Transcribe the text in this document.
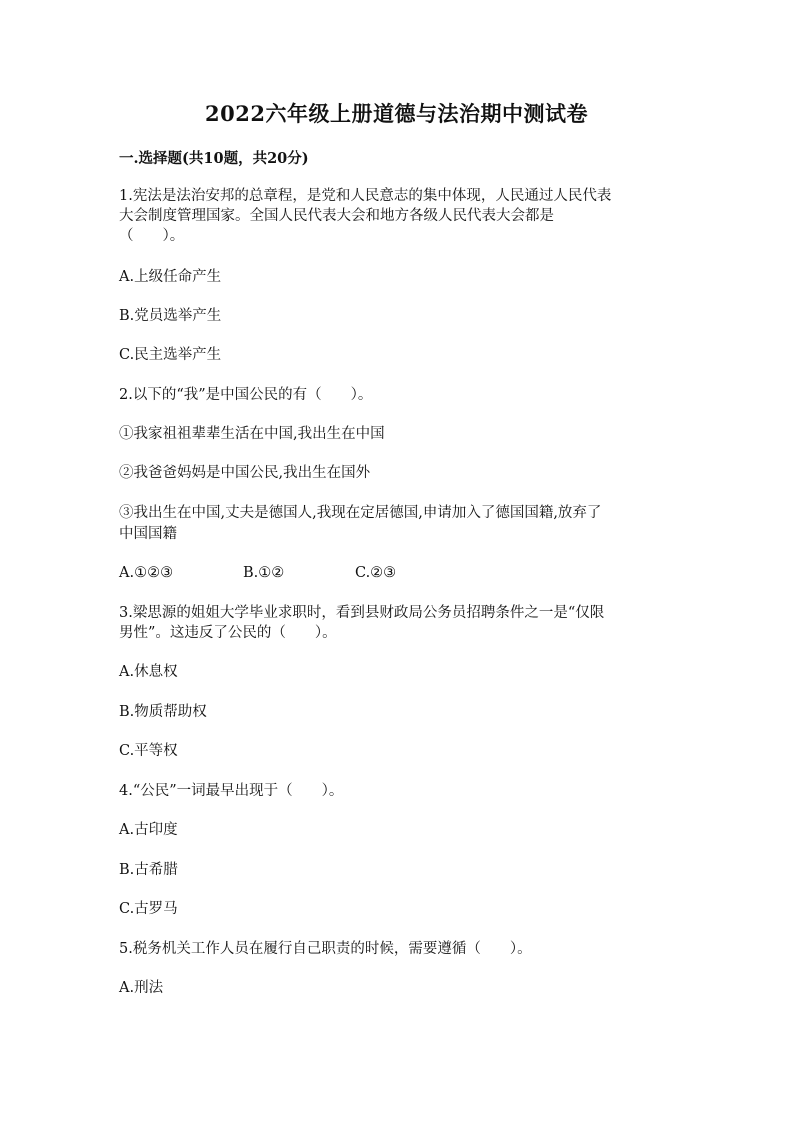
2022六年级上册道德与法治期中测试卷
一.选择题(共10题，共20分)
1.宪法是法治安邦的总章程，是党和人民意志的集中体现，人民通过人民代表
大会制度管理国家。全国人民代表大会和地方各级人民代表大会都是
（　　）。
A.上级任命产生
B.党员选举产生
C.民主选举产生
2.以下的“我”是中国公民的有（　　）。
①我家祖祖辈辈生活在中国,我出生在中国
②我爸爸妈妈是中国公民,我出生在国外
③我出生在中国,丈夫是德国人,我现在定居德国,申请加入了德国国籍,放弃了
中国国籍
A.①②③	B.①②	C.②③
3.梁思源的姐姐大学毕业求职时，看到县财政局公务员招聘条件之一是“仅限
男性”。这违反了公民的（　　）。
A.休息权
B.物质帮助权
C.平等权
4.“公民”一词最早出现于（　　）。
A.古印度
B.古希腊
C.古罗马
5.税务机关工作人员在履行自己职责的时候，需要遵循（　　）。
A.刑法
